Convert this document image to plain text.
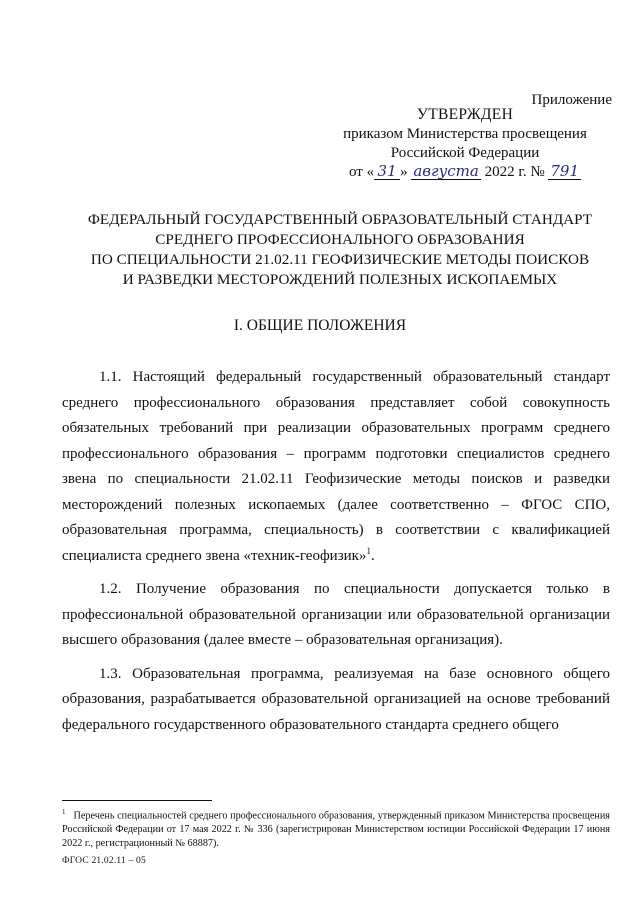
Приложение
УТВЕРЖДЕН
приказом Министерства просвещения
Российской Федерации
от « 31 » августа 2022 г. № 791
ФЕДЕРАЛЬНЫЙ ГОСУДАРСТВЕННЫЙ ОБРАЗОВАТЕЛЬНЫЙ СТАНДАРТ
СРЕДНЕГО ПРОФЕССИОНАЛЬНОГО ОБРАЗОВАНИЯ
ПО СПЕЦИАЛЬНОСТИ 21.02.11 ГЕОФИЗИЧЕСКИЕ МЕТОДЫ ПОИСКОВ
И РАЗВЕДКИ МЕСТОРОЖДЕНИЙ ПОЛЕЗНЫХ ИСКОПАЕМЫХ
I. ОБЩИЕ ПОЛОЖЕНИЯ

1.1. Настоящий федеральный государственный образовательный стандарт среднего профессионального образования представляет собой совокупность обязательных требований при реализации образовательных программ среднего профессионального образования – программ подготовки специалистов среднего звена по специальности 21.02.11 Геофизические методы поисков и разведки месторождений полезных ископаемых (далее соответственно – ФГОС СПО, образовательная программа, специальность) в соответствии с квалификацией специалиста среднего звена «техник-геофизик»$^1$.

1.2. Получение образования по специальности допускается только в профессиональной образовательной организации или образовательной организации высшего образования (далее вместе – образовательная организация).

1.3. Образовательная программа, реализуемая на базе основного общего образования, разрабатывается образовательной организацией на основе требований федерального государственного образовательного стандарта среднего общего

$^1$ Перечень специальностей среднего профессионального образования, утвержденный приказом Министерства просвещения Российской Федерации от 17 мая 2022 г. № 336 (зарегистрирован Министерством юстиции Российской Федерации 17 июня 2022 г., регистрационный № 68887).
ФГОС 21.02.11 – 05
